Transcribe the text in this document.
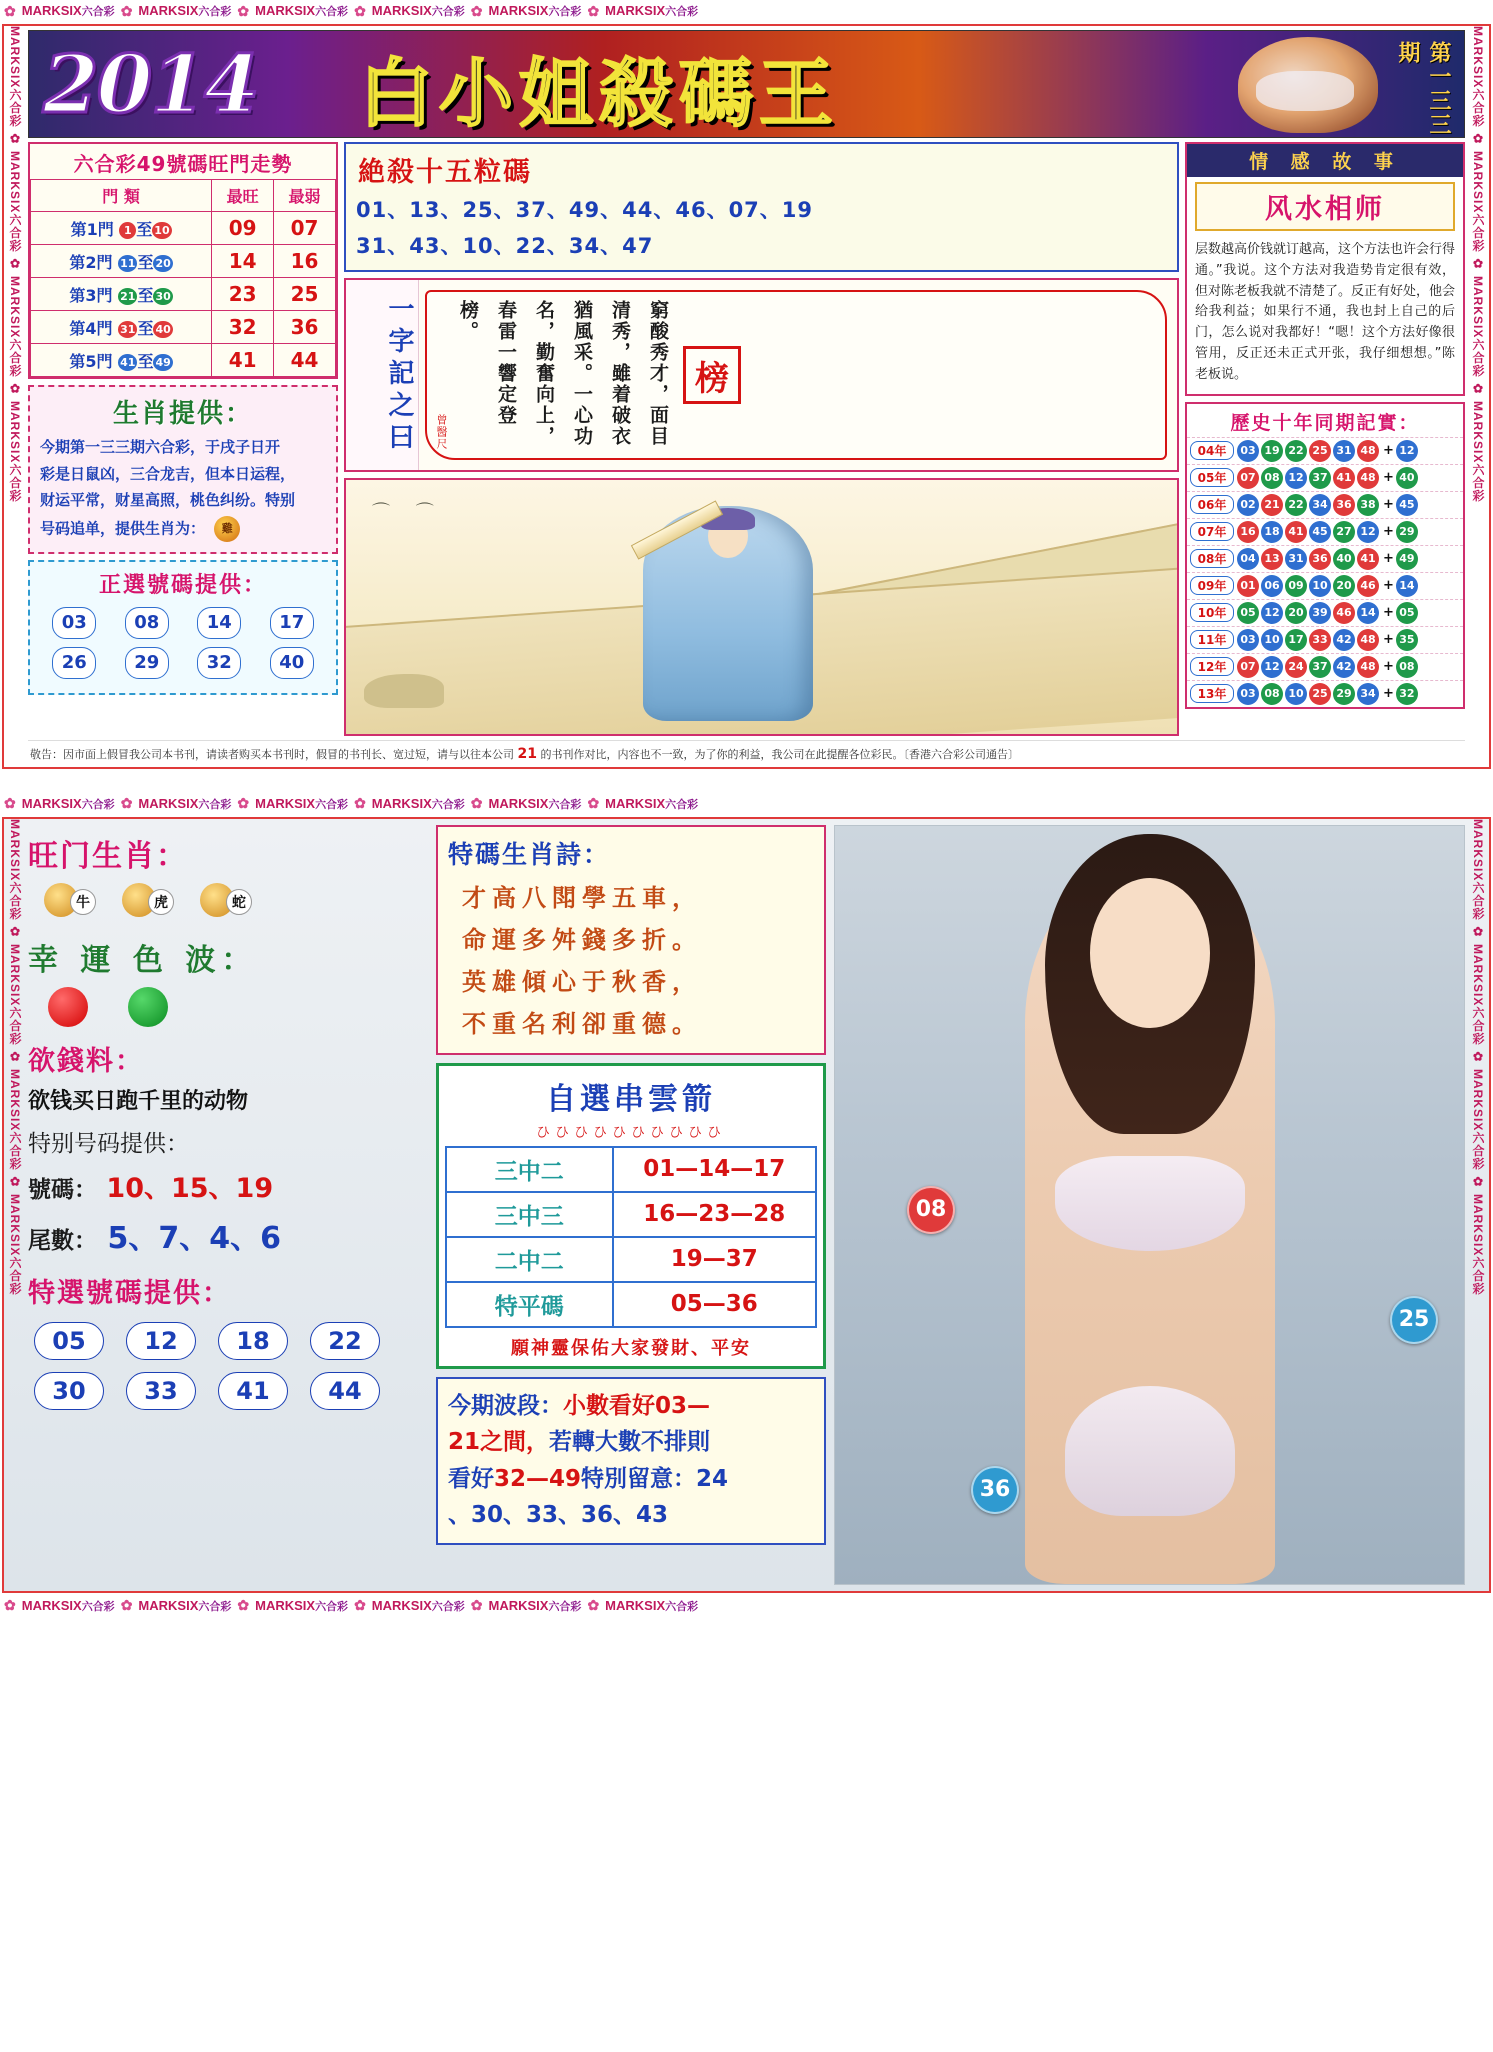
✿ MARKSIX六合彩 ✿ MARKSIX六合彩 ✿ MARKSIX六合彩 ✿ MARKSIX六合彩 ✿ MARKSIX六合彩 ✿ MARKSIX六合彩
MARKSIX六合彩 ✿ MARKSIX六合彩 ✿ MARKSIX六合彩 ✿ MARKSIX六合彩	MARKSIX六合彩 ✿ MARKSIX六合彩 ✿ MARKSIX六合彩 ✿ MARKSIX六合彩
2014 白小姐殺碼王	第一三三期
六合彩49號碼旺門走勢
門 類	最旺	最弱
第1門 1 至 10	09	07
第2門 11 至 20	14	16
第3門 21 至 30	23	25
第4門 31 至 40	32	36
第5門 41 至 49	41	44
生肖提供：

今期第一三三期六合彩，于戌子日开

彩是日鼠凶，三合龙吉，但本日运程，

财运平常，财星高照，桃色纠纷。特别

号码追单，提供生肖为： 雞

正選號碼提供：
03	08	14	17
26	29	32	40
絶殺十五粒碼
01、13、25、37、49、44、46、07、19
31、43、10、22、34、47
一字記之曰	曾醫尺	窮酸秀才，面目清秀，雖着破衣猶風采。一心功名，勤奮向上，春雷一響定登榜。
榜
⌒ ⌒
情 感 故 事
风水相师
层数越高价钱就订越高，这个方法也许会行得通。”我说。这个方法对我造势肯定很有效，但对陈老板我就不清楚了。反正有好处，他会给我利益；如果行不通，我也封上自己的后门，怎么说对我都好！“嗯！这个方法好像很管用，反正还未正式开张，我仔细想想。”陈老板说。
歷史十年同期記實：
04年	03 19 22 25 31 48 + 12
05年	07 08 12 37 41 48 + 40
06年	02 21 22 34 36 38 + 45
07年	16 18 41 45 27 12 + 29
08年	04 13 31 36 40 41 + 49
09年	01 06 09 10 20 46 + 14
10年	05 12 20 39 46 14 + 05
11年	03 10 17 33 42 48 + 35
12年	07 12 24 37 42 48 + 08
13年	03 08 10 25 29 34 + 32
敬告：因市面上假冒我公司本书刊，请读者购买本书刊时，假冒的书刊长、宽过短，请与以往本公司 21 的书刊作对比，内容也不一致，为了你的利益，我公司在此提醒各位彩民。〔香港六合彩公司通告〕
✿ MARKSIX六合彩 ✿ MARKSIX六合彩 ✿ MARKSIX六合彩 ✿ MARKSIX六合彩 ✿ MARKSIX六合彩 ✿ MARKSIX六合彩
MARKSIX六合彩 ✿ MARKSIX六合彩 ✿ MARKSIX六合彩 ✿ MARKSIX六合彩	MARKSIX六合彩 ✿ MARKSIX六合彩 ✿ MARKSIX六合彩 ✿ MARKSIX六合彩
旺门生肖：
牛	虎	蛇
幸 運 色 波：
欲錢料：
欲钱买日跑千里的动物
特别号码提供：
號碼： 10、15、19
尾數： 5、7、4、6
特選號碼提供：
05	12	18	22
30	33	41	44
特碼生肖詩：
才高八閗學五車，
命運多舛錢多折。
英雄傾心于秋香，
不重名利卻重德。
自選串雲箭
ひひひひひひひひひひ
三中二	01—14—17
三中三	16—23—28
二中二	19—37
特平碼	05—36
願神靈保佑大家發財、平安

今期波段：小數看好03—

21之間，若轉大數不排則

看好32—49特別留意：24

、30、33、36、43

08
25
36
✿ MARKSIX六合彩 ✿ MARKSIX六合彩 ✿ MARKSIX六合彩 ✿ MARKSIX六合彩 ✿ MARKSIX六合彩 ✿ MARKSIX六合彩
